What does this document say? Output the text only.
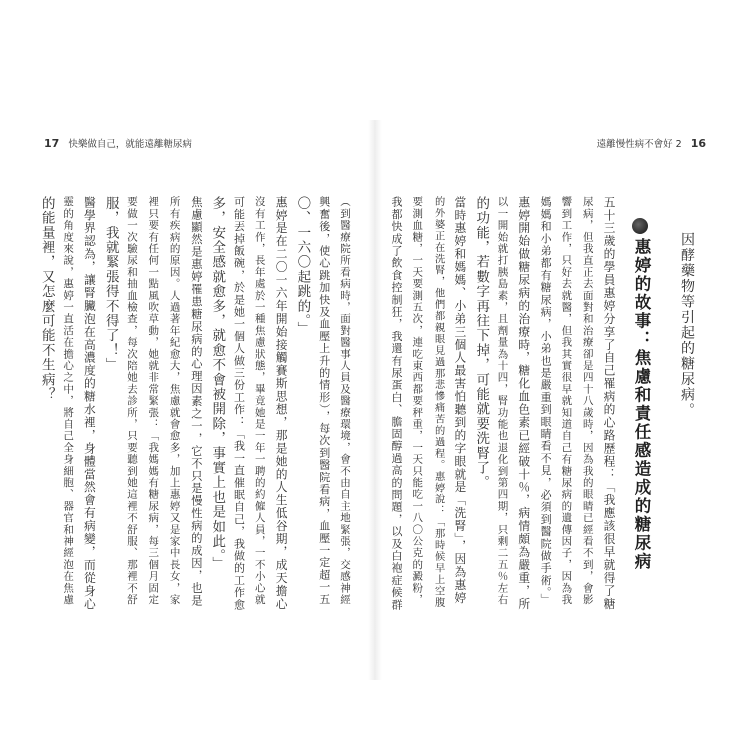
17 快樂做自己，就能遠離糖尿病
（到醫療院所看病時，面對醫事人員及醫療環境，會不由自主地緊張，交感神經
興奮後，使心跳加快及血壓上升的情形），每次到醫院看病，血壓一定超一五
〇、一六〇起跳的。」
惠婷是在二〇一六年開始接觸賽斯思想，那是她的人生低谷期，成天擔心
沒有工作，長年處於一種焦慮狀態，畢竟她是一年一聘的約僱人員，一不小心就
可能丟掉飯碗，於是她一個人做三份工作：「我一直催眠自己，我做的工作愈
多，安全感就愈多，就愈不會被開除，事實上也是如此。」
焦慮顯然是惠婷罹患糖尿病的心理因素之一，它不只是慢性病的成因，也是
所有疾病的原因。人過著年紀愈大，焦慮就會愈多，加上惠婷又是家中長女，家
裡只要有任何一點風吹草動，她就非常緊張：「我媽媽有糖尿病，每三個月固定
要做一次驗尿和抽血檢查，每次陪她去診所，只要聽到她這裡不舒服、那裡不舒
服，我就緊張得不得了！」
醫學界認為，讓腎臟泡在高濃度的糖水裡，身體當然會有病變，而從身心
靈的角度來說，惠婷一直活在擔心之中，將自己全身細胞、器官和神經泡在焦慮
的能量裡，又怎麼可能不生病？
遠離慢性病不會好 2 16
因酵藥物等引起的糖尿病。
惠婷的故事：焦慮和責任感造成的糖尿病
五十三歲的學員惠婷分享了自己罹病的心路歷程：「我應該很早就得了糖
尿病，但我直正去面對和治療卻是四十八歲時，因為我的眼睛已經看不到，會影
響到工作，只好去就醫，但我其實很早就知道自己有糖尿病的遺傳因子，因為我
媽媽和小弟都有糖尿病，小弟也是嚴重到眼睛看不見，必須到醫院做手術。」
惠婷開始做糖尿病的治療時，糖化血色素已經破十％，病情頗為嚴重，所
以一開始就打胰島素，且劑量為十四，腎功能也退化到第四期，只剩二五％左右
的功能，若數字再往下掉，可能就要洗腎了。
當時惠婷和媽媽、小弟三個人最害怕聽到的字眼就是「洗腎」，因為惠婷
的外婆正在洗腎，他們都親眼見過那悲慘痛苦的過程。惠婷說：「那時候早上空腹
要測血糖，一天要測五次，連吃東西都要秤重，一天只能吃一八〇公克的澱粉，
我都快成了飲食控制狂，我還有尿蛋白、膽固醇過高的問題，以及白袍症候群
